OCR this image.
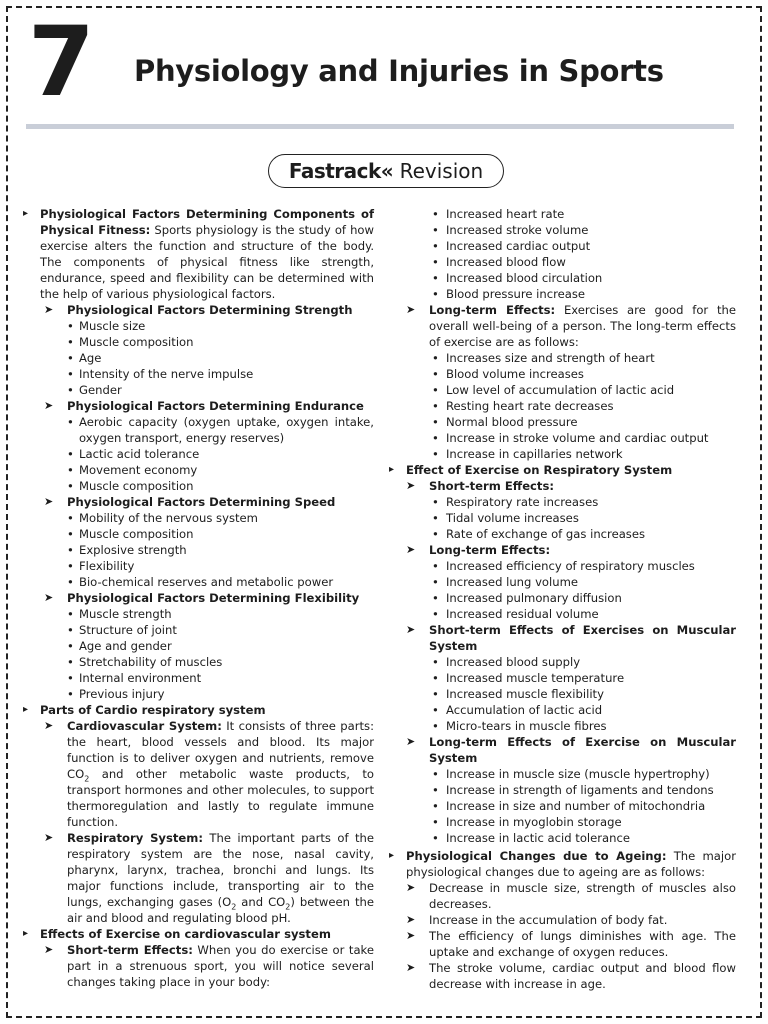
7 Physiology and Injuries in Sports
Fastrack« Revision

▸ Physiological Factors Determining Components of Physical Fitness: Sports physiology is the study of how exercise alters the function and structure of the body. The components of physical fitness like strength, endurance, speed and flexibility can be determined with the help of various physiological factors.

➤ Physiological Factors Determining Strength

• Muscle size
• Muscle composition
• Age
• Intensity of the nerve impulse
• Gender

➤ Physiological Factors Determining Endurance

• Aerobic capacity (oxygen uptake, oxygen intake, oxygen transport, energy reserves)
• Lactic acid tolerance
• Movement economy
• Muscle composition

➤ Physiological Factors Determining Speed

• Mobility of the nervous system
• Muscle composition
• Explosive strength
• Flexibility
• Bio-chemical reserves and metabolic power

➤ Physiological Factors Determining Flexibility

• Muscle strength
• Structure of joint
• Age and gender
• Stretchability of muscles
• Internal environment
• Previous injury

▸ Parts of Cardio respiratory system

➤ Cardiovascular System: It consists of three parts: the heart, blood vessels and blood. Its major function is to deliver oxygen and nutrients, remove $CO_2$ and other metabolic waste products, to transport hormones and other molecules, to support thermoregulation and lastly to regulate immune function.

➤ Respiratory System: The important parts of the respiratory system are the nose, nasal cavity, pharynx, larynx, trachea, bronchi and lungs. Its major functions include, transporting air to the lungs, exchanging gases ($O_2$ and $CO_2$) between the air and blood and regulating blood pH.

▸ Effects of Exercise on cardiovascular system

➤ Short-term Effects: When you do exercise or take part in a strenuous sport, you will notice several changes taking place in your body:

• Increased heart rate
• Increased stroke volume
• Increased cardiac output
• Increased blood flow
• Increased blood circulation
• Blood pressure increase

➤ Long-term Effects: Exercises are good for the overall well-being of a person. The long-term effects of exercise are as follows:

• Increases size and strength of heart
• Blood volume increases
• Low level of accumulation of lactic acid
• Resting heart rate decreases
• Normal blood pressure
• Increase in stroke volume and cardiac output
• Increase in capillaries network

▸ Effect of Exercise on Respiratory System

➤ Short-term Effects:

• Respiratory rate increases
• Tidal volume increases
• Rate of exchange of gas increases

➤ Long-term Effects:

• Increased efficiency of respiratory muscles
• Increased lung volume
• Increased pulmonary diffusion
• Increased residual volume

➤ Short-term Effects of Exercises on Muscular System

• Increased blood supply
• Increased muscle temperature
• Increased muscle flexibility
• Accumulation of lactic acid
• Micro-tears in muscle fibres

➤ Long-term Effects of Exercise on Muscular System

• Increase in muscle size (muscle hypertrophy)
• Increase in strength of ligaments and tendons
• Increase in size and number of mitochondria
• Increase in myoglobin storage
• Increase in lactic acid tolerance

▸ Physiological Changes due to Ageing: The major physiological changes due to ageing are as follows:

➤ Decrease in muscle size, strength of muscles also decreases.

➤ Increase in the accumulation of body fat.

➤ The efficiency of lungs diminishes with age. The uptake and exchange of oxygen reduces.

➤ The stroke volume, cardiac output and blood flow decrease with increase in age.
